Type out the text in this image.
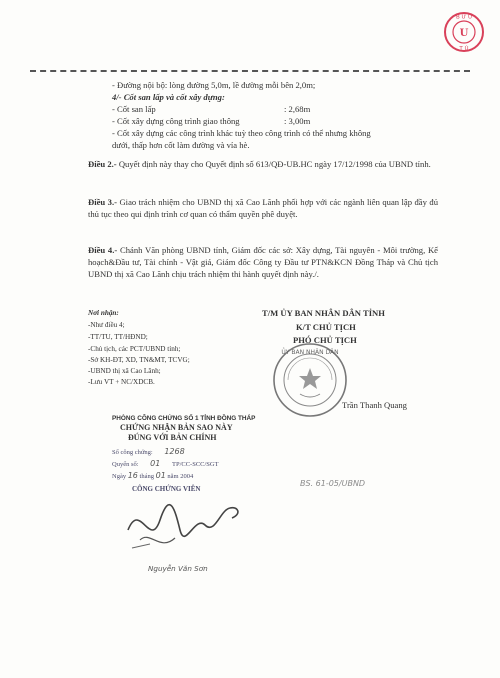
B Ử U
T Ú
U
- Đường nội bộ: lòng đường 5,0m, lề đường mỗi bên 2,0m;
4/- Cốt san lấp và cốt xây dựng:
- Cốt san lấp	: 2,68m
- Cốt xây dựng công trình giao thông	: 3,00m
- Cốt xây dựng các công trình khác tuỳ theo công trình có thể nhưng không
dưới, thấp hơn cốt làm đường và vỉa hè.
Điều 2.- Quyết định này thay cho Quyết định số 613/QĐ-UB.HC ngày 17/12/1998 của UBND tỉnh.
Điều 3.- Giao trách nhiệm cho UBND thị xã Cao Lãnh phối hợp với các ngành liên quan lập đầy đủ thủ tục theo qui định trình cơ quan có thẩm quyền phê duyệt.
Điều 4.- Chánh Văn phòng UBND tỉnh, Giám đốc các sở: Xây dựng, Tài nguyên - Môi trường, Kế hoạch&Đầu tư, Tài chính - Vật giá, Giám đốc Công ty Đầu tư PTN&KCN Đồng Tháp và Chủ tịch UBND thị xã Cao Lãnh chịu trách nhiệm thi hành quyết định này./.
Nơi nhận:
-Như điều 4;
-TT/TU, TT/HĐND;
-Chủ tịch, các PCT/UBND tỉnh;
-Sở KH-ĐT, XD, TN&MT, TCVG;
-UBND thị xã Cao Lãnh;
-Lưu VT + NC/XDCB.
T/M ỦY BAN NHÂN DÂN TỈNH
K/T CHỦ TỊCH
PHÓ CHỦ TỊCH
ỦY BAN NHÂN DÂN
Trần Thanh Quang
PHÒNG CÔNG CHỨNG SỐ 1 TỈNH ĐỒNG THÁP
CHỨNG NHẬN BẢN SAO NÀY
ĐÚNG VỚI BẢN CHÍNH
Số công chứng: 1268
Quyển số: 01 TP/CC-SCC/SGT
Ngày 16 tháng 01 năm 2004
CÔNG CHỨNG VIÊN
Nguyễn Văn Sơn
BS. 61-05/UBND
